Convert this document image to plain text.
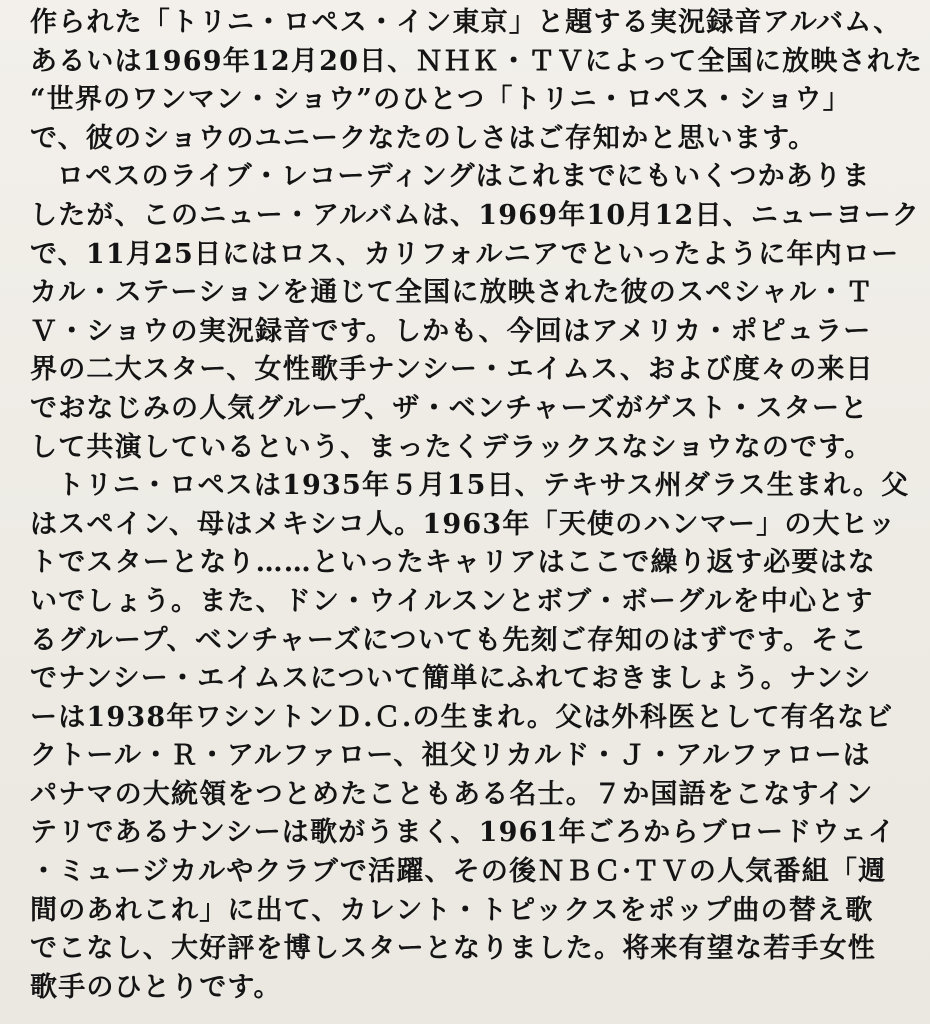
作られた「トリニ・ロペス・イン東京」と題する実況録音アルバム、
あるいは1969年12月20日、ＮＨＫ・ＴＶによって全国に放映された
“世界のワンマン・ショウ”のひとつ「トリニ・ロペス・ショウ」
で、彼のショウのユニークなたのしさはご存知かと思います。
ロペスのライブ・レコーディングはこれまでにもいくつかありま
したが、このニュー・アルバムは、1969年10月12日、ニューヨーク
で、11月25日にはロス、カリフォルニアでといったように年内ロー
カル・ステーションを通じて全国に放映された彼のスペシャル・Ｔ
Ｖ・ショウの実況録音です。しかも、今回はアメリカ・ポピュラー
界の二大スター、女性歌手ナンシー・エイムス、および度々の来日
でおなじみの人気グループ、ザ・ベンチャーズがゲスト・スターと
して共演しているという、まったくデラックスなショウなのです。
トリニ・ロペスは1935年５月15日、テキサス州ダラス生まれ。父
はスペイン、母はメキシコ人。1963年「天使のハンマー」の大ヒッ
トでスターとなり……といったキャリアはここで繰り返す必要はな
いでしょう。また、ドン・ウイルスンとボブ・ボーグルを中心とす
るグループ、ベンチャーズについても先刻ご存知のはずです。そこ
でナンシー・エイムスについて簡単にふれておきましょう。ナンシ
ーは1938年ワシントンＤ.Ｃ.の生まれ。父は外科医として有名なビ
クトール・Ｒ・アルファロー、祖父リカルド・Ｊ・アルファローは
パナマの大統領をつとめたこともある名士。７か国語をこなすイン
テリであるナンシーは歌がうまく、1961年ごろからブロードウェイ
・ミュージカルやクラブで活躍、その後ＮＢＣ·ＴＶの人気番組「週
間のあれこれ」に出て、カレント・トピックスをポップ曲の替え歌
でこなし、大好評を博しスターとなりました。将来有望な若手女性
歌手のひとりです。
